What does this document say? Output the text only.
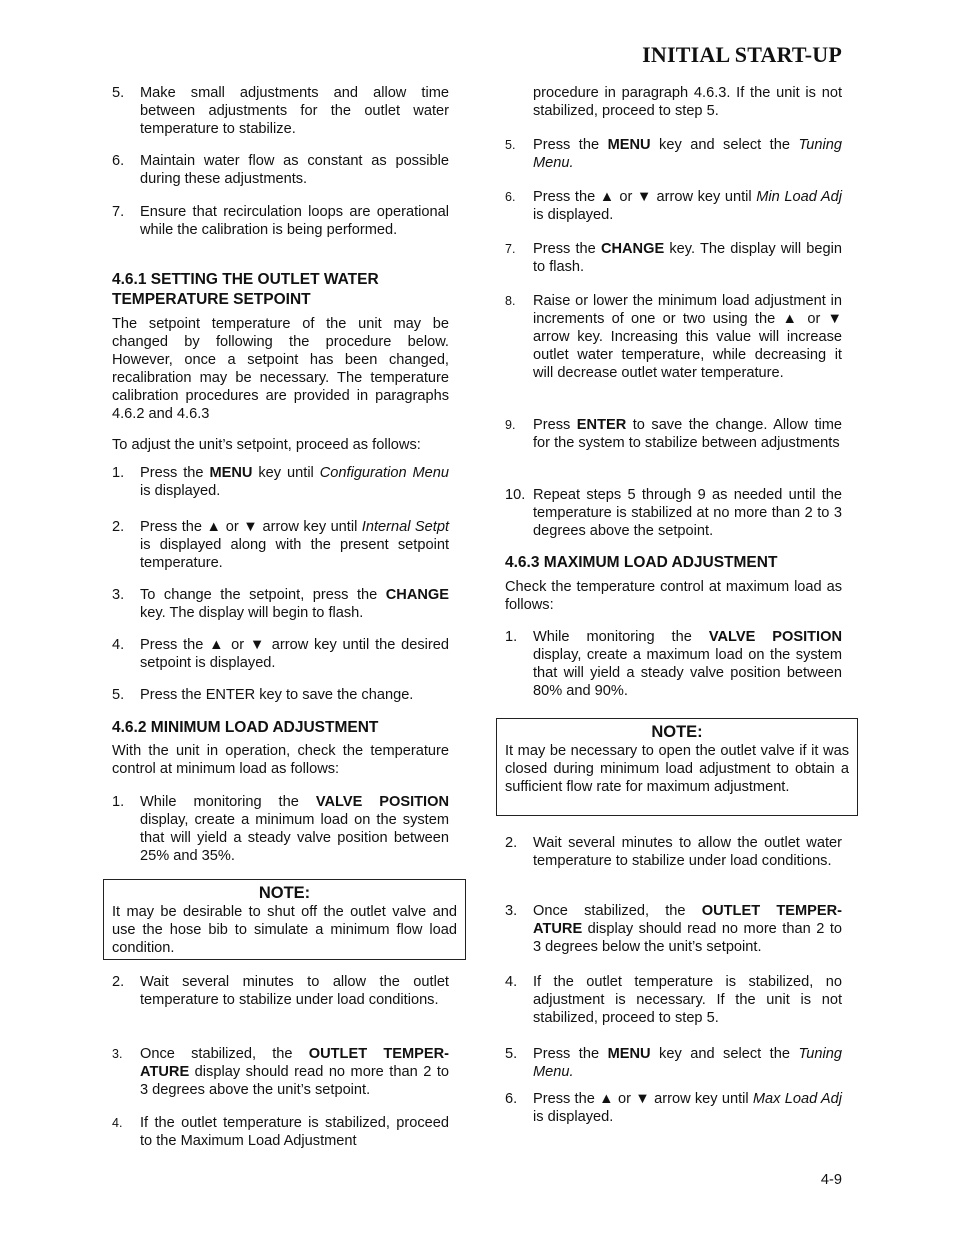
INITIAL START-UP
5. Make small adjustments and allow time between adjustments for the outlet water temperature to stabilize.
6. Maintain water flow as constant as possible during these adjustments.
7. Ensure that recirculation loops are operational while the calibration is being performed.
4.6.1 SETTING THE OUTLET WATER TEMPERATURE SETPOINT
The setpoint temperature of the unit may be changed by following the procedure below. However, once a setpoint has been changed, recalibration may be necessary. The temperature calibration procedures are provided in paragraphs 4.6.2 and 4.6.3
To adjust the unit’s setpoint, proceed as follows:
1. Press the MENU key until Configuration Menu is displayed.
2. Press the ▲ or ▼ arrow key until Internal Setpt is displayed along with the present setpoint temperature.
3. To change the setpoint, press the CHANGE key. The display will begin to flash.
4. Press the ▲ or ▼ arrow key until the desired setpoint is displayed.
5. Press the ENTER key to save the change.
4.6.2 MINIMUM LOAD ADJUSTMENT
With the unit in operation, check the temperature control at minimum load as follows:
1. While monitoring the VALVE POSITION display, create a minimum load on the system that will yield a steady valve position between 25% and 35%.
NOTE:
It may be desirable to shut off the outlet valve and use the hose bib to simulate a minimum flow load condition.
2. Wait several minutes to allow the outlet temperature to stabilize under load conditions.
3. Once stabilized, the OUTLET TEMPER-ATURE display should read no more than 2 to 3 degrees above the unit’s setpoint.
4. If the outlet temperature is stabilized, proceed to the Maximum Load Adjustment
procedure in paragraph 4.6.3. If the unit is not stabilized, proceed to step 5.
5. Press the MENU key and select the Tuning Menu.
6. Press the ▲ or ▼ arrow key until Min Load Adj is displayed.
7. Press the CHANGE key. The display will begin to flash.
8. Raise or lower the minimum load adjustment in increments of one or two using the ▲ or ▼ arrow key. Increasing this value will increase outlet water temperature, while decreasing it will decrease outlet water temperature.
9. Press ENTER to save the change. Allow time for the system to stabilize between adjustments
10. Repeat steps 5 through 9 as needed until the temperature is stabilized at no more than 2 to 3 degrees above the setpoint.
4.6.3 MAXIMUM LOAD ADJUSTMENT
Check the temperature control at maximum load as follows:
1. While monitoring the VALVE POSITION display, create a maximum load on the system that will yield a steady valve position between 80% and 90%.
NOTE:
It may be necessary to open the outlet valve if it was closed during minimum load adjustment to obtain a sufficient flow rate for maximum adjustment.
2. Wait several minutes to allow the outlet water temperature to stabilize under load conditions.
3. Once stabilized, the OUTLET TEMPER-ATURE display should read no more than 2 to 3 degrees below the unit’s setpoint.
4. If the outlet temperature is stabilized, no adjustment is necessary. If the unit is not stabilized, proceed to step 5.
5. Press the MENU key and select the Tuning Menu.
6. Press the ▲ or ▼ arrow key until Max Load Adj is displayed.
4-9
